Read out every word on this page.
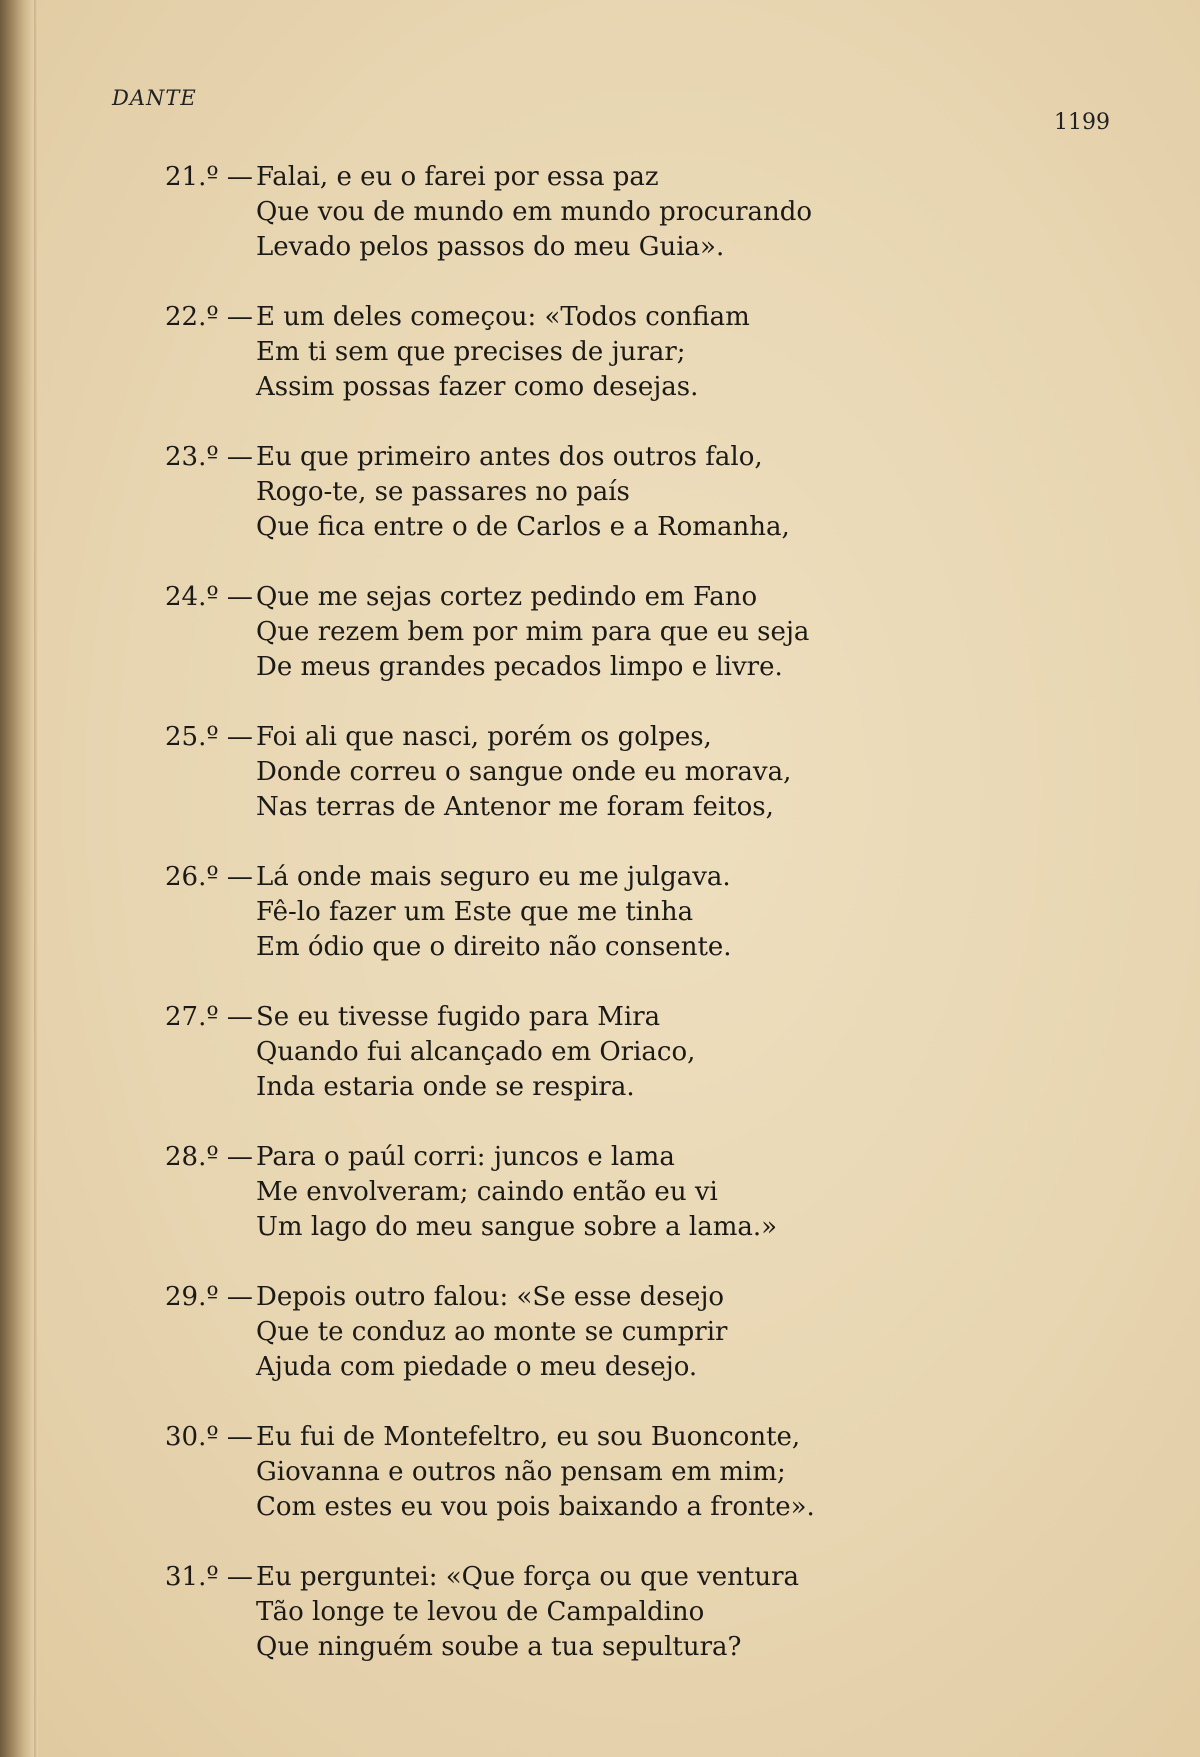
DANTE
1199
21.º — Falai, e eu o farei por essa paz
Que vou de mundo em mundo procurando
Levado pelos passos do meu Guia».
22.º — E um deles começou: «Todos confiam
Em ti sem que precises de jurar;
Assim possas fazer como desejas.
23.º — Eu que primeiro antes dos outros falo,
Rogo-te, se passares no país
Que fica entre o de Carlos e a Romanha,
24.º — Que me sejas cortez pedindo em Fano
Que rezem bem por mim para que eu seja
De meus grandes pecados limpo e livre.
25.º — Foi ali que nasci, porém os golpes,
Donde correu o sangue onde eu morava,
Nas terras de Antenor me foram feitos,
26.º — Lá onde mais seguro eu me julgava.
Fê-lo fazer um Este que me tinha
Em ódio que o direito não consente.
27.º — Se eu tivesse fugido para Mira
Quando fui alcançado em Oriaco,
Inda estaria onde se respira.
28.º — Para o paúl corri: juncos e lama
Me envolveram; caindo então eu vi
Um lago do meu sangue sobre a lama.»
29.º — Depois outro falou: «Se esse desejo
Que te conduz ao monte se cumprir
Ajuda com piedade o meu desejo.
30.º — Eu fui de Montefeltro, eu sou Buonconte,
Giovanna e outros não pensam em mim;
Com estes eu vou pois baixando a fronte».
31.º — Eu perguntei: «Que força ou que ventura
Tão longe te levou de Campaldino
Que ninguém soube a tua sepultura?
